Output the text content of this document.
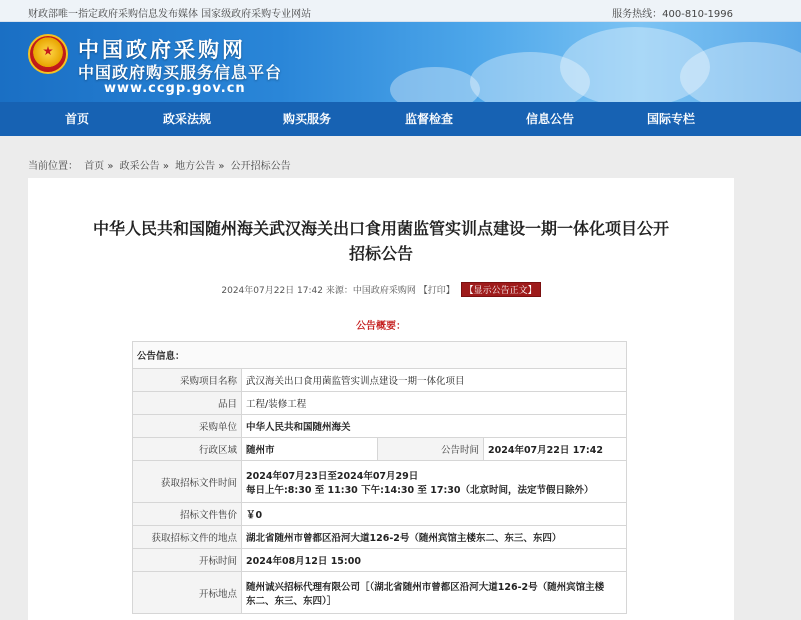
财政部唯一指定政府采购信息发布媒体 国家级政府采购专业网站	服务热线：400-810-1996
中国政府采购网
中国政府购买服务信息平台
www.ccgp.gov.cn
首页	政采法规	购买服务	监督检查	信息公告	国际专栏
当前位置： 首页 » 政采公告 » 地方公告 » 公开招标公告
中华人民共和国随州海关武汉海关出口食用菌监管实训点建设一期一体化项目公开
招标公告
2024年07月22日 17:42 来源：中国政府采购网 【打印】 【显示公告正文】
公告概要：
公告信息：			
采购项目名称	武汉海关出口食用菌监管实训点建设一期一体化项目		
品目	工程/装修工程		
采购单位	中华人民共和国随州海关		
行政区域	随州市	公告时间	2024年07月22日 17:42
获取招标文件时间	2024年07月23日至2024年07月29日
每日上午:8:30 至 11:30 下午:14:30 至 17:30（北京时间，法定节假日除外）		

招标文件售价	￥0		
获取招标文件的地点	湖北省随州市曾都区沿河大道126-2号（随州宾馆主楼东二、东三、东四）		
开标时间	2024年08月12日 15:00		
开标地点	随州诚兴招标代理有限公司［（湖北省随州市曾都区沿河大道126-2号（随州宾馆主楼
东二、东三、东四）］		
